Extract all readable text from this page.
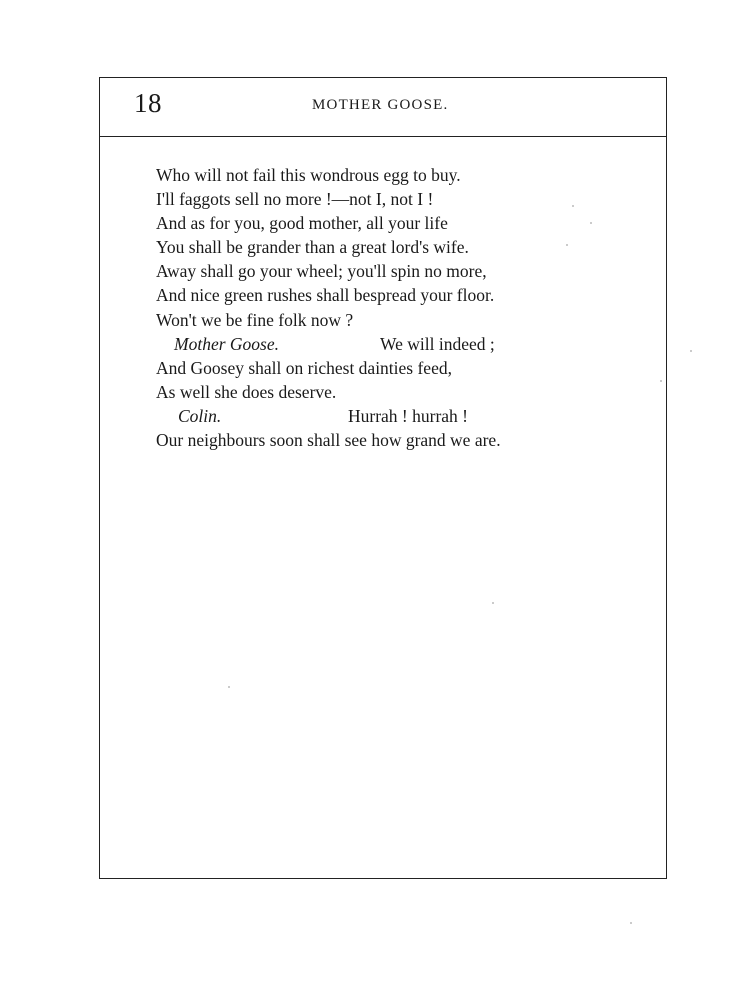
18	MOTHER GOOSE.
Who will not fail this wondrous egg to buy.
I'll faggots sell no more !—not I, not I !
And as for you, good mother, all your life
You shall be grander than a great lord's wife.
Away shall go your wheel; you'll spin no more,
And nice green rushes shall bespread your floor.
Won't we be fine folk now ?
Mother Goose.	We will indeed ;
And Goosey shall on richest dainties feed,
As well she does deserve.
Colin.	Hurrah ! hurrah !
Our neighbours soon shall see how grand we are.
